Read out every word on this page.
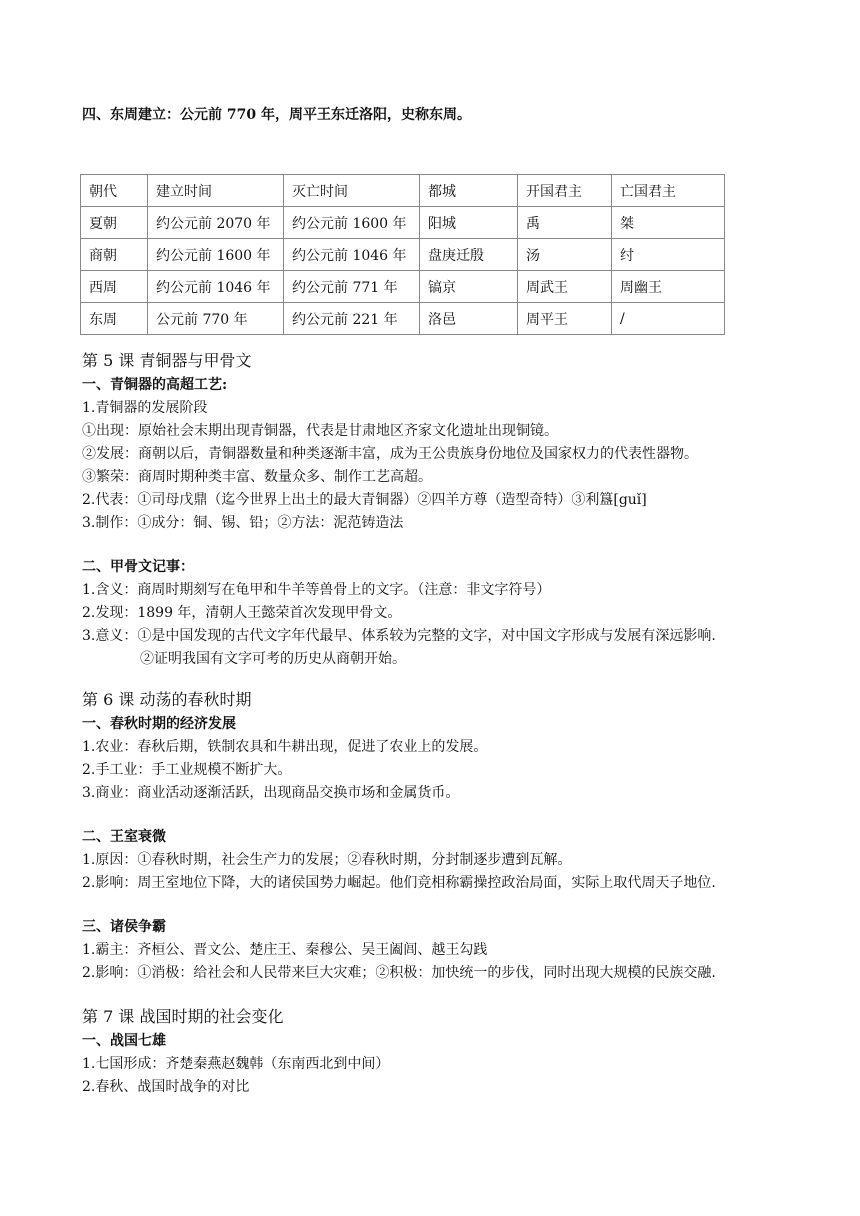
四、东周建立：公元前 770 年，周平王东迁洛阳，史称东周。
朝代	建立时间	灭亡时间	都城	开国君主	亡国君主
夏朝	约公元前 2070 年	约公元前 1600 年	阳城	禹	桀
商朝	约公元前 1600 年	约公元前 1046 年	盘庚迁殷	汤	纣
西周	约公元前 1046 年	约公元前 771 年	镐京	周武王	周幽王
东周	公元前 770 年	约公元前 221 年	洛邑	周平王	/
第 5 课 青铜器与甲骨文
一、青铜器的高超工艺:
1.青铜器的发展阶段
①出现：原始社会末期出现青铜器，代表是甘肃地区齐家文化遗址出现铜镜。
②发展：商朝以后，青铜器数量和种类逐渐丰富，成为王公贵族身份地位及国家权力的代表性器物。
③繁荣：商周时期种类丰富、数量众多、制作工艺高超。
2.代表：①司母戊鼎（迄今世界上出土的最大青铜器）②四羊方尊（造型奇特）③利簋[guǐ]
3.制作：①成分：铜、锡、铅；②方法：泥范铸造法
二、甲骨文记事：
1.含义：商周时期刻写在龟甲和牛羊等兽骨上的文字。（注意：非文字符号）
2.发现：1899 年，清朝人王懿荣首次发现甲骨文。
3.意义：①是中国发现的古代文字年代最早、体系较为完整的文字，对中国文字形成与发展有深远影响.
②证明我国有文字可考的历史从商朝开始。
第 6 课 动荡的春秋时期
一、春秋时期的经济发展
1.农业：春秋后期，铁制农具和牛耕出现，促进了农业上的发展。
2.手工业：手工业规模不断扩大。
3.商业：商业活动逐渐活跃，出现商品交换市场和金属货币。
二、王室衰微
1.原因：①春秋时期，社会生产力的发展；②春秋时期，分封制逐步遭到瓦解。
2.影响：周王室地位下降，大的诸侯国势力崛起。他们竞相称霸操控政治局面，实际上取代周天子地位.
三、诸侯争霸
1.霸主：齐桓公、晋文公、楚庄王、秦穆公、吴王阖闾、越王勾践
2.影响：①消极：给社会和人民带来巨大灾难；②积极：加快统一的步伐，同时出现大规模的民族交融.
第 7 课 战国时期的社会变化
一、战国七雄
1.七国形成：齐楚秦燕赵魏韩（东南西北到中间）
2.春秋、战国时战争的对比
